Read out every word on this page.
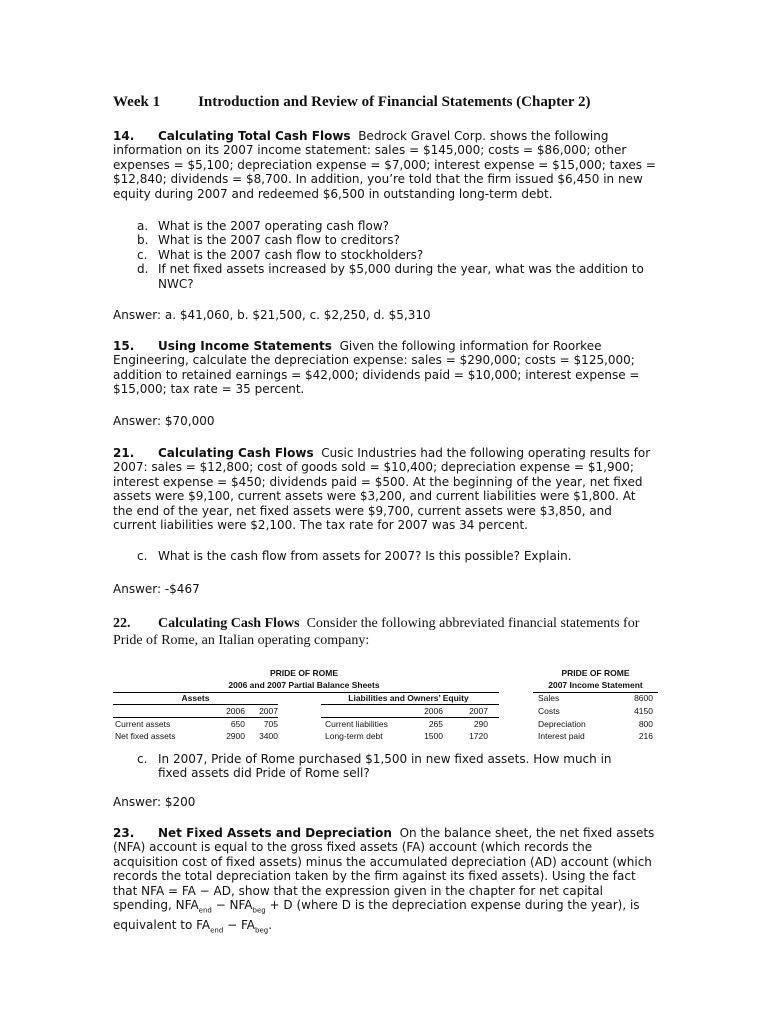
Week 1	Introduction and Review of Financial Statements (Chapter 2)
14. Calculating Total Cash Flows Bedrock Gravel Corp. shows the following information on its 2007 income statement: sales = $145,000; costs = $86,000; other expenses = $5,100; depreciation expense = $7,000; interest expense = $15,000; taxes = $12,840; dividends = $8,700. In addition, you’re told that the firm issued $6,450 in new equity during 2007 and redeemed $6,500 in outstanding long-term debt.
a. What is the 2007 operating cash flow?
b. What is the 2007 cash flow to creditors?
c. What is the 2007 cash flow to stockholders?
d. If net fixed assets increased by $5,000 during the year, what was the addition to NWC?
Answer: a. $41,060, b. $21,500, c. $2,250, d. $5,310
15. Using Income Statements Given the following information for Roorkee Engineering, calculate the depreciation expense: sales = $290,000; costs = $125,000; addition to retained earnings = $42,000; dividends paid = $10,000; interest expense = $15,000; tax rate = 35 percent.
Answer: $70,000
21. Calculating Cash Flows Cusic Industries had the following operating results for 2007: sales = $12,800; cost of goods sold = $10,400; depreciation expense = $1,900; interest expense = $450; dividends paid = $500. At the beginning of the year, net fixed assets were $9,100, current assets were $3,200, and current liabilities were $1,800. At the end of the year, net fixed assets were $9,700, current assets were $3,850, and current liabilities were $2,100. The tax rate for 2007 was 34 percent.
c. What is the cash flow from assets for 2007? Is this possible? Explain.
Answer: -$467
22. Calculating Cash Flows Consider the following abbreviated financial statements for Pride of Rome, an Italian operating company:
PRIDE OF ROME
2006 and 2007 Partial Balance Sheets
Assets	Liabilities and Owners’ Equity
2006	2007	2006	2007
Current assets	650	705
Net fixed assets	2900	3400
Current liabilities	265	290
Long-term debt	1500	1720
PRIDE OF ROME
2007 Income Statement
Sales	8600
Costs	4150
Depreciation	800
Interest paid	216
c. In 2007, Pride of Rome purchased $1,500 in new fixed assets. How much in fixed assets did Pride of Rome sell?
Answer: $200
23. Net Fixed Assets and Depreciation On the balance sheet, the net fixed assets (NFA) account is equal to the gross fixed assets (FA) account (which records the acquisition cost of fixed assets) minus the accumulated depreciation (AD) account (which records the total depreciation taken by the firm against its fixed assets). Using the fact that NFA = FA − AD, show that the expression given in the chapter for net capital spending, $NFA_{end} - NFA_{beg} + D$ (where D is the depreciation expense during the year), is equivalent to $FA_{end} - FA_{beg}$.
